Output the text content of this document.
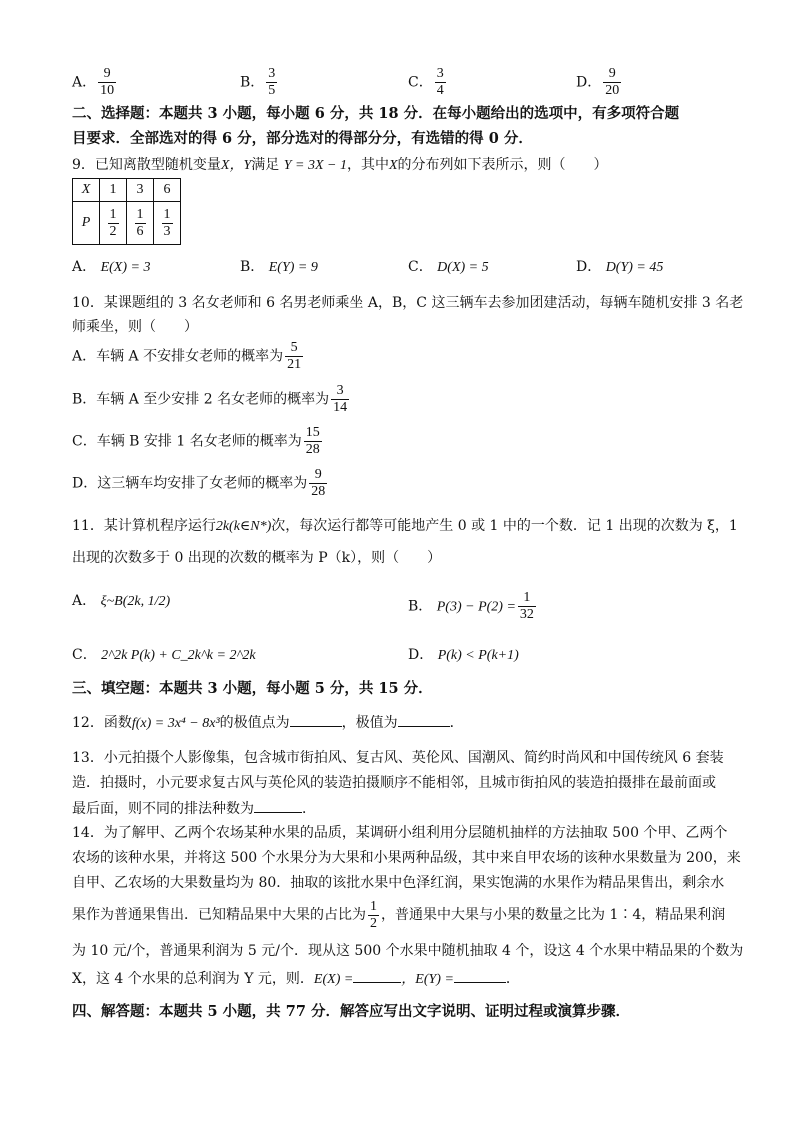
A． $\frac{9}{10}$	B． $\frac{3}{5}$	C． $\frac{3}{4}$	D． $\frac{9}{20}$
二、选择题：本题共 3 小题，每小题 6 分，共 18 分．在每小题给出的选项中，有多项符合题
目要求．全部选对的得 6 分，部分选对的得部分分，有选错的得 0 分．
9．已知离散型随机变量X，Y满足 Y = 3X − 1，其中X的分布列如下表所示，则（　　）
X	1	3	6
P	$\frac{1}{2}$	$\frac{1}{6}$	$\frac{1}{3}$
A． E(X) = 3	B． E(Y) = 9	C． D(X) = 5	D． D(Y) = 45
10．某课题组的 3 名女老师和 6 名男老师乘坐 A，B，C 这三辆车去参加团建活动，每辆车随机安排 3 名老
师乘坐，则（　　）
A．车辆 A 不安排女老师的概率为 $\frac{5}{21}$
B．车辆 A 至少安排 2 名女老师的概率为 $\frac{3}{14}$
C．车辆 B 安排 1 名女老师的概率为 $\frac{15}{28}$
D．这三辆车均安排了女老师的概率为 $\frac{9}{28}$
11．某计算机程序运行2k(k∈N*)次，每次运行都等可能地产生 0 或 1 中的一个数．记 1 出现的次数为 ξ，1
出现的次数多于 0 出现的次数的概率为 P（k），则（　　）
A． ξ~B(2k, 1/2)	B． $P(3) - P(2) = \frac{1}{32}$
C． 2^2k P(k) + C_2k^k = 2^2k	D． P(k) < P(k+1)
三、填空题：本题共 3 小题，每小题 5 分，共 15 分．
12．函数f(x) = 3x⁴ − 8x³的极值点为	，极值为	．
13．小元拍摄个人影像集，包含城市街拍风、复古风、英伦风、国潮风、简约时尚风和中国传统风 6 套装
造．拍摄时，小元要求复古风与英伦风的装造拍摄顺序不能相邻，且城市街拍风的装造拍摄排在最前面或
最后面，则不同的排法种数为	．
14．为了解甲、乙两个农场某种水果的品质，某调研小组利用分层随机抽样的方法抽取 500 个甲、乙两个
农场的该种水果，并将这 500 个水果分为大果和小果两种品级，其中来自甲农场的该种水果数量为 200，来
自甲、乙农场的大果数量均为 80．抽取的该批水果中色泽红润，果实饱满的水果作为精品果售出，剩余水
果作为普通果售出．已知精品果中大果的占比为 $\frac{1}{2}$ ，普通果中大果与小果的数量之比为 1∶4，精品果利润
为 10 元/个，普通果利润为 5 元/个．现从这 500 个水果中随机抽取 4 个，设这 4 个水果中精品果的个数为
X，这 4 个水果的总利润为 Y 元，则．E(X) =	，E(Y) =	．
四、解答题：本题共 5 小题，共 77 分．解答应写出文字说明、证明过程或演算步骤．
